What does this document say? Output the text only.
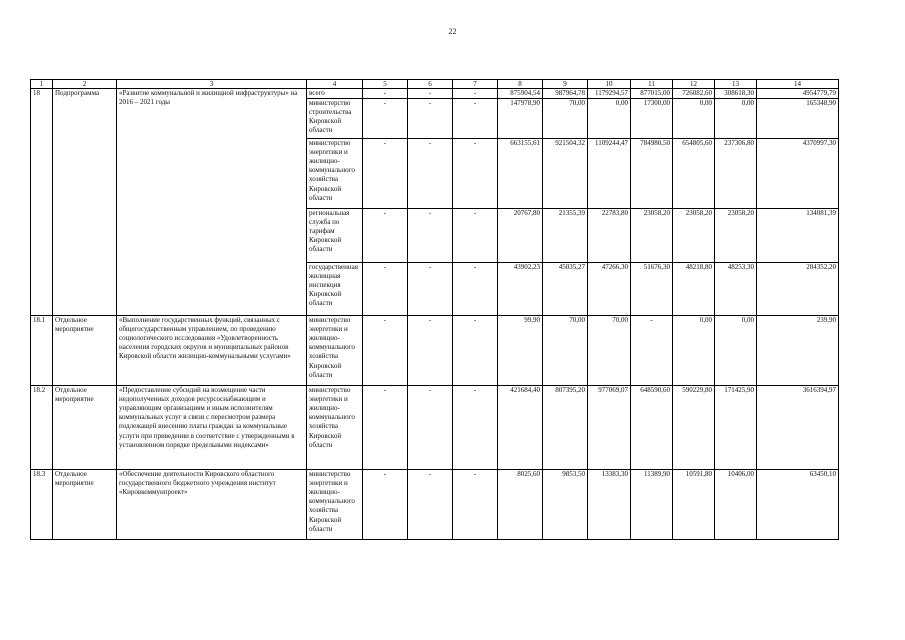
22
1	2	3	4	5	6	7	8	9	10	11	12	13	14
18	Подпрограмма	«Развитие коммунальной и жилищной инфраструктуры» на 2016 – 2021 годы	всего	-	-	-	875904,54	987964,78	1179294,57	877015,00	726082,60	308618,30	4954779,79
			министерство строительства Кировской области	-	-	-	147978,90	70,00	0,00	17300,00	0,00	0,00	165348,90
			министерство энергетики и жилищно-коммунального хозяйства Кировской области	-	-	-	663155,61	921504,32	1109244,47	784980,50	654805,60	237306,80	4370997,30
			региональная служба по тарифам Кировской области	-	-	-	20767,80	21355,39	22783,80	23058,20	23058,20	23058,20	134081,39
			государственная жилищная инспекция Кировской области	-	-	-	43902,23	45035,27	47266,30	51676,30	48218,80	48253,30	284352,20
18.1	Отдельное мероприятие	«Выполнение государственных функций, связанных с общегосударственным управлением, по проведению социологического исследования «Удовлетворенность населения городских округов и муниципальных районов Кировской области жилищно-коммунальными услугами»	министерство энергетики и жилищно-коммунального хозяйства Кировской области	-	-	-	99,90	70,00	70,00	-	0,00	0,00	239,90
18.2	Отдельное мероприятие	«Предоставление субсидий на возмещение части недополученных доходов ресурсоснабжающим и управляющим организациям и иным исполнителям коммунальных услуг в связи с пересмотром размера подлежащей внесению платы граждан за коммунальные услуги при приведении в соответствие с утвержденными в установленном порядке предельными индексами»	министерство энергетики и жилищно-коммунального хозяйства Кировской области	-	-	-	421684,40	807395,20	977069,07	648590,60	590229,80	171425,90	3616394,97
18.3	Отдельное мероприятие	«Обеспечение деятельности Кировского областного государственного бюджетного учреждения институт «Кировкоммунпроект»	министерство энергетики и жилищно-коммунального хозяйства Кировской области	-	-	-	8025,60	9853,50	13383,30	11389,90	10591,80	10406,00	63450,10
